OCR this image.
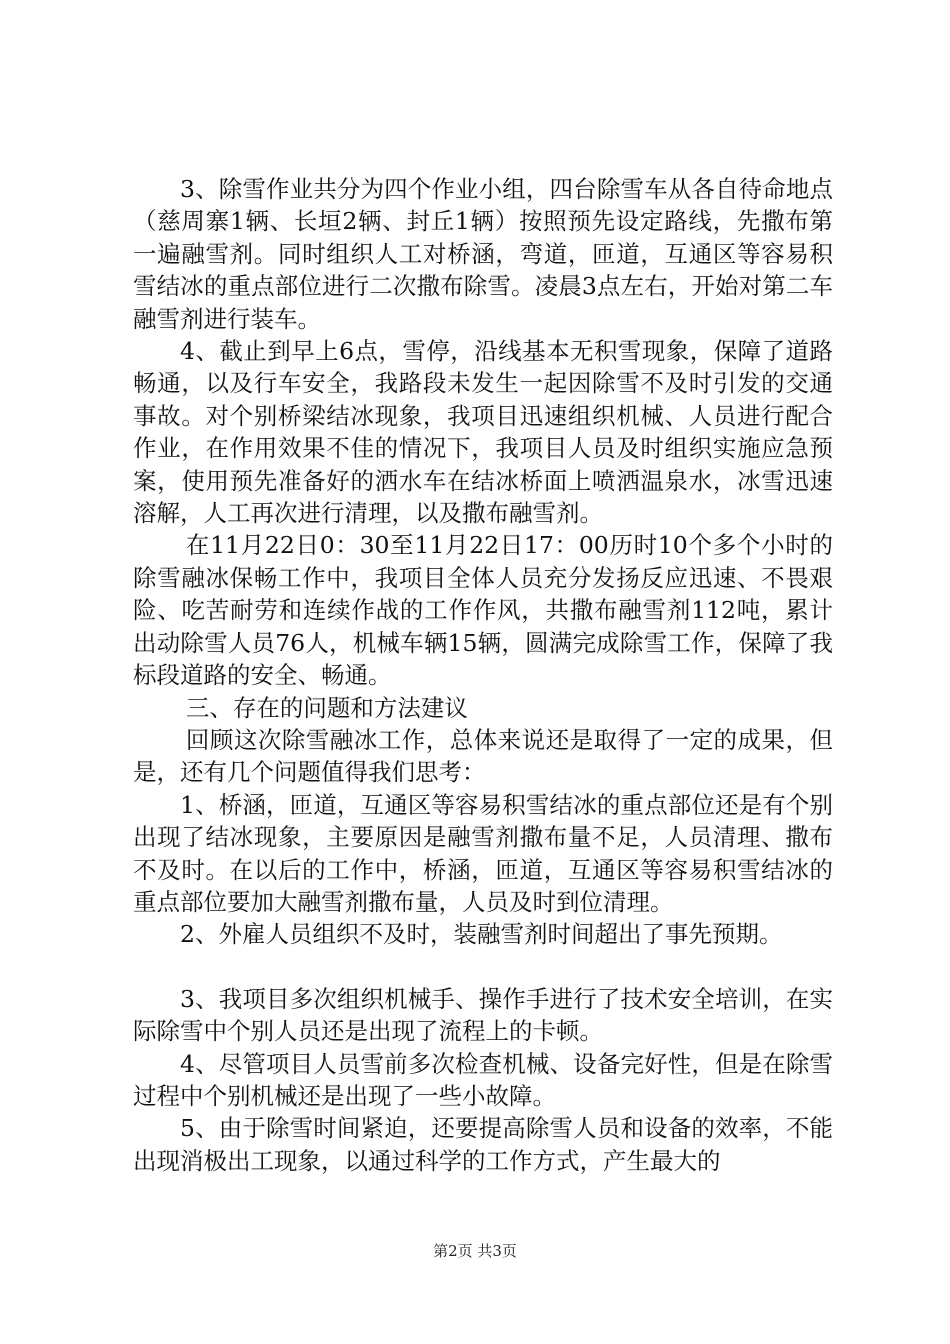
3、除雪作业共分为四个作业小组，四台除雪车从各自待命地点（慈周寨1辆、长垣2辆、封丘1辆）按照预先设定路线，先撒布第一遍融雪剂。同时组织人工对桥涵，弯道，匝道，互通区等容易积雪结冰的重点部位进行二次撒布除雪。凌晨3点左右，开始对第二车融雪剂进行装车。

4、截止到早上6点，雪停，沿线基本无积雪现象，保障了道路畅通，以及行车安全，我路段未发生一起因除雪不及时引发的交通事故。对个别桥梁结冰现象，我项目迅速组织机械、人员进行配合作业，在作用效果不佳的情况下，我项目人员及时组织实施应急预案，使用预先准备好的洒水车在结冰桥面上喷洒温泉水，冰雪迅速溶解，人工再次进行清理，以及撒布融雪剂。

在11月22日0：30至11月22日17：00历时10个多个小时的除雪融冰保畅工作中，我项目全体人员充分发扬反应迅速、不畏艰险、吃苦耐劳和连续作战的工作作风，共撒布融雪剂112吨，累计出动除雪人员76人，机械车辆15辆，圆满完成除雪工作，保障了我标段道路的安全、畅通。

三、存在的问题和方法建议

回顾这次除雪融冰工作，总体来说还是取得了一定的成果，但是，还有几个问题值得我们思考：

1、桥涵，匝道，互通区等容易积雪结冰的重点部位还是有个别出现了结冰现象，主要原因是融雪剂撒布量不足，人员清理、撒布不及时。在以后的工作中，桥涵，匝道，互通区等容易积雪结冰的重点部位要加大融雪剂撒布量，人员及时到位清理。

2、外雇人员组织不及时，装融雪剂时间超出了事先预期。

3、我项目多次组织机械手、操作手进行了技术安全培训，在实际除雪中个别人员还是出现了流程上的卡顿。

4、尽管项目人员雪前多次检查机械、设备完好性，但是在除雪过程中个别机械还是出现了一些小故障。

5、由于除雪时间紧迫，还要提高除雪人员和设备的效率，不能出现消极出工现象，以通过科学的工作方式，产生最大的

第2页 共3页
